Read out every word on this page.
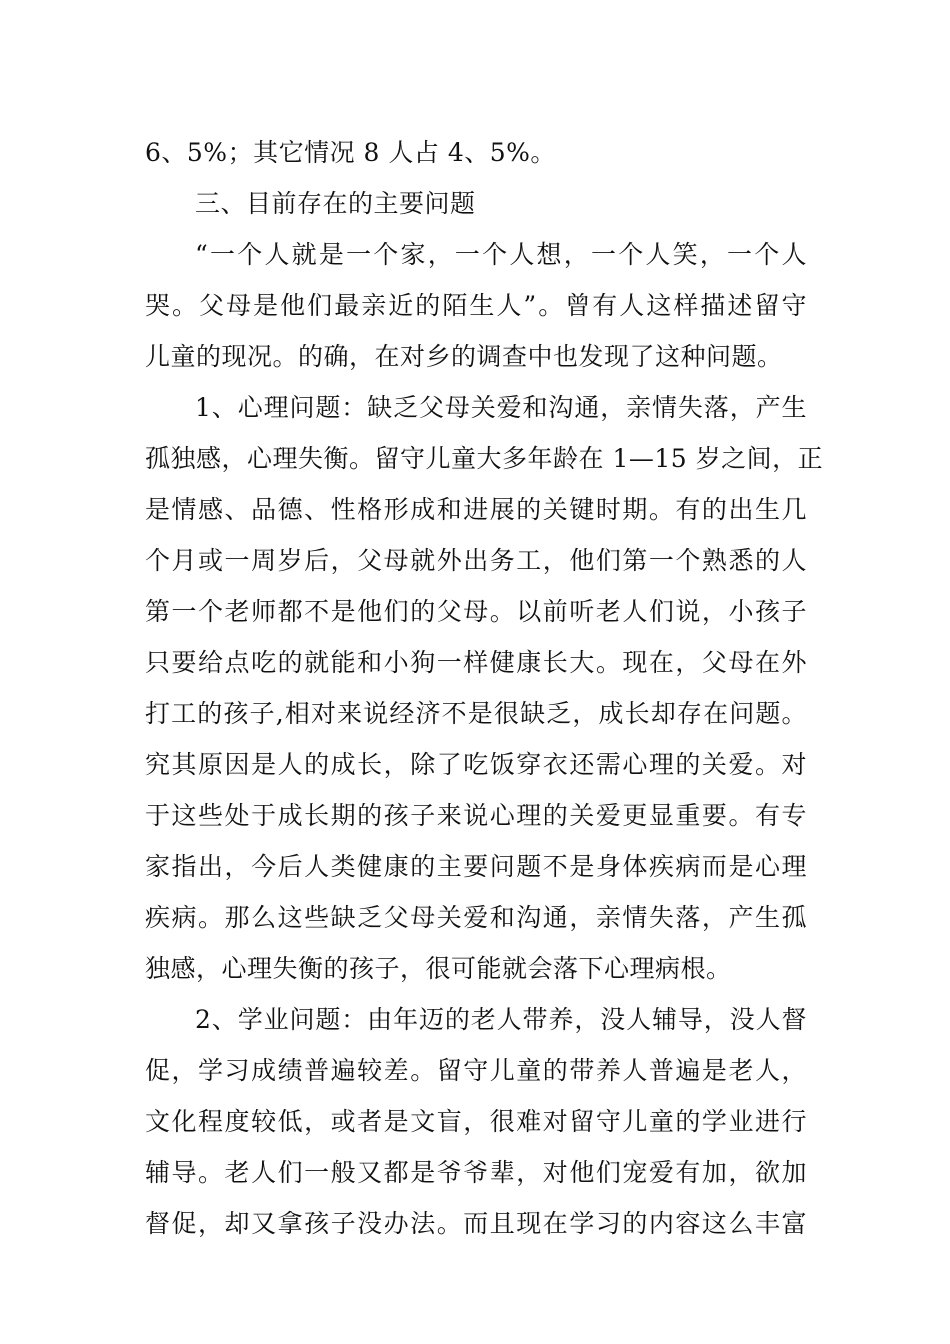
6、5%；其它情况 8 人占 4、5%。
三、目前存在的主要问题
“一个人就是一个家，一个人想，一个人笑，一个人
哭。父母是他们最亲近的陌生人”。曾有人这样描述留守
儿童的现况。的确，在对乡的调查中也发现了这种问题。
1、心理问题：缺乏父母关爱和沟通，亲情失落，产生
孤独感，心理失衡。留守儿童大多年龄在 1—15 岁之间，正
是情感、品德、性格形成和进展的关键时期。有的出生几
个月或一周岁后，父母就外出务工，他们第一个熟悉的人
第一个老师都不是他们的父母。以前听老人们说，小孩子
只要给点吃的就能和小狗一样健康长大。现在，父母在外
打工的孩子,相对来说经济不是很缺乏，成长却存在问题。
究其原因是人的成长，除了吃饭穿衣还需心理的关爱。对
于这些处于成长期的孩子来说心理的关爱更显重要。有专
家指出，今后人类健康的主要问题不是身体疾病而是心理
疾病。那么这些缺乏父母关爱和沟通，亲情失落，产生孤
独感，心理失衡的孩子，很可能就会落下心理病根。
2、学业问题：由年迈的老人带养，没人辅导，没人督
促，学习成绩普遍较差。留守儿童的带养人普遍是老人，
文化程度较低，或者是文盲，很难对留守儿童的学业进行
辅导。老人们一般又都是爷爷辈，对他们宠爱有加，欲加
督促，却又拿孩子没办法。而且现在学习的内容这么丰富
